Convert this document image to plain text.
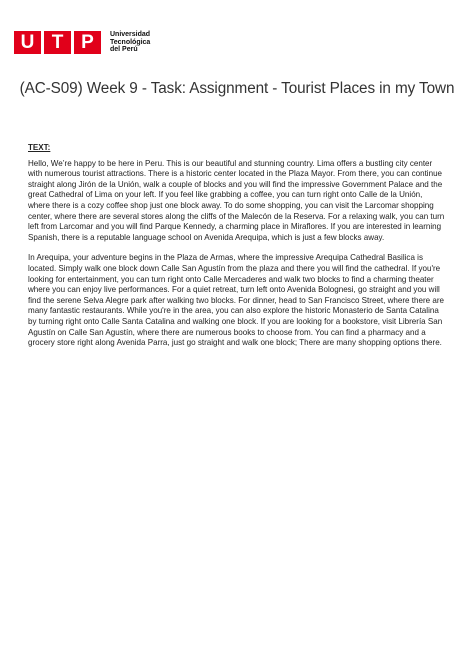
U T P	Universidad
Tecnológica
del Perú
(AC-S09) Week 9 - Task: Assignment - Tourist Places in my Town
TEXT:

Hello, We’re happy to be here in Peru. This is our beautiful and stunning country. Lima offers a bustling city center with numerous tourist attractions. There is a historic center located in the Plaza Mayor. From there, you can continue straight along Jirón de la Unión, walk a couple of blocks and you will find the impressive Government Palace and the great Cathedral of Lima on your left. If you feel like grabbing a coffee, you can turn right onto Calle de la Unión, where there is a cozy coffee shop just one block away. To do some shopping, you can visit the Larcomar shopping center, where there are several stores along the cliffs of the Malecón de la Reserva. For a relaxing walk, you can turn left from Larcomar and you will find Parque Kennedy, a charming place in Miraflores. If you are interested in learning Spanish, there is a reputable language school on Avenida Arequipa, which is just a few blocks away.

In Arequipa, your adventure begins in the Plaza de Armas, where the impressive Arequipa Cathedral Basilica is located. Simply walk one block down Calle San Agustín from the plaza and there you will find the cathedral. If you're looking for entertainment, you can turn right onto Calle Mercaderes and walk two blocks to find a charming theater where you can enjoy live performances. For a quiet retreat, turn left onto Avenida Bolognesi, go straight and you will find the serene Selva Alegre park after walking two blocks. For dinner, head to San Francisco Street, where there are many fantastic restaurants. While you're in the area, you can also explore the historic Monasterio de Santa Catalina by turning right onto Calle Santa Catalina and walking one block. If you are looking for a bookstore, visit Librería San Agustín on Calle San Agustín, where there are numerous books to choose from. You can find a pharmacy and a grocery store right along Avenida Parra, just go straight and walk one block; There are many shopping options there.
